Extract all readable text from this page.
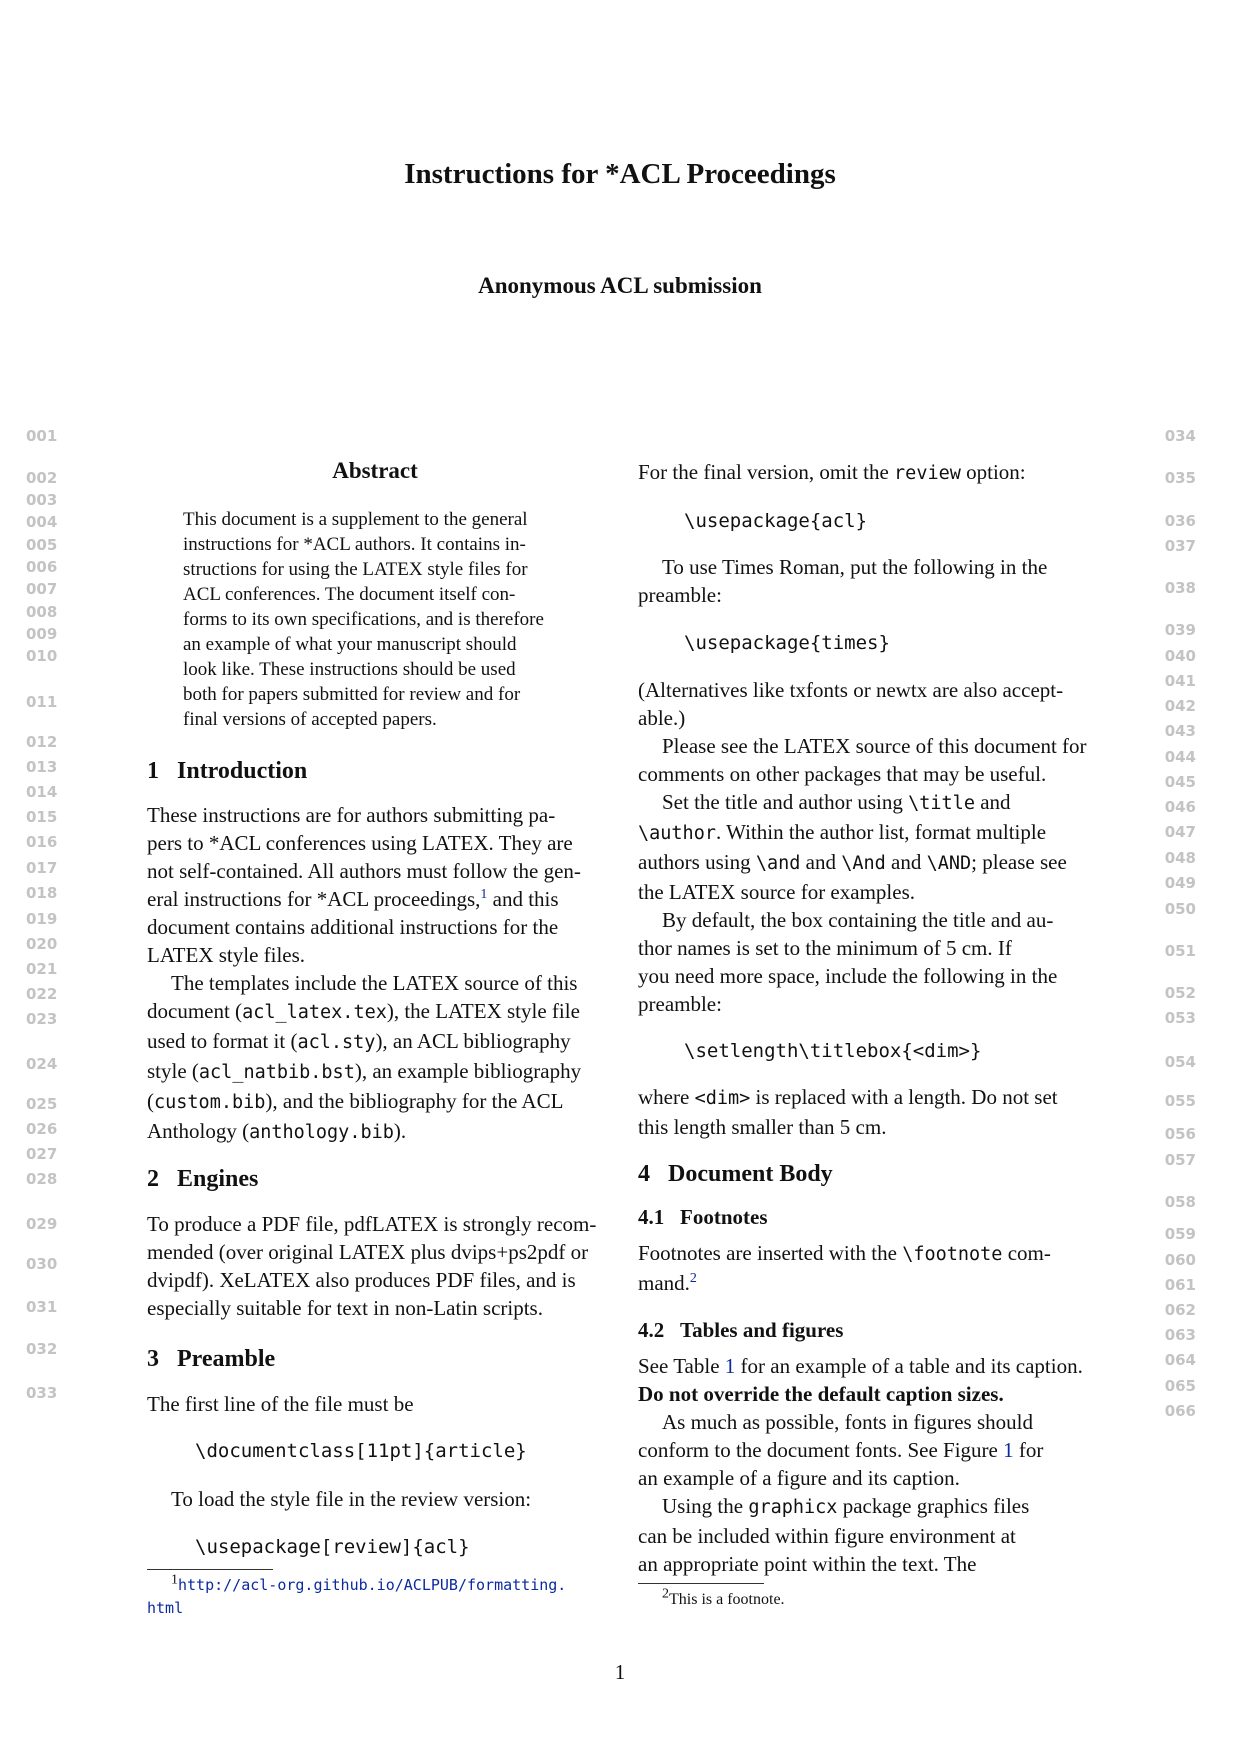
Instructions for *ACL Proceedings
Anonymous ACL submission
001
002
003
004
005
006
007
008
009
010
011
012
013
014
015
016
017
018
019
020
021
022
023
024
025
026
027
028
029
030
031
032
033
034
035
036
037
038
039
040
041
042
043
044
045
046
047
048
049
050
051
052
053
054
055
056
057
058
059
060
061
062
063
064
065
066
Abstract
This document is a supplement to the general
instructions for *ACL authors. It contains in-
structions for using the LATEX style files for
ACL conferences. The document itself con-
forms to its own specifications, and is therefore
an example of what your manuscript should
look like. These instructions should be used
both for papers submitted for review and for
final versions of accepted papers.
1 Introduction
These instructions are for authors submitting pa-
pers to *ACL conferences using LATEX. They are
not self-contained. All authors must follow the gen-
eral instructions for *ACL proceedings,$^1$ and this
document contains additional instructions for the
LATEX style files.
The templates include the LATEX source of this
document (acl_latex.tex), the LATEX style file
used to format it (acl.sty), an ACL bibliography
style (acl_natbib.bst), an example bibliography
(custom.bib), and the bibliography for the ACL
Anthology (anthology.bib).
2 Engines
To produce a PDF file, pdfLATEX is strongly recom-
mended (over original LATEX plus dvips+ps2pdf or
dvipdf). XeLATEX also produces PDF files, and is
especially suitable for text in non-Latin scripts.
3 Preamble
The first line of the file must be
\documentclass[11pt]{article}
To load the style file in the review version:
\usepackage[review]{acl}
$^1$http://acl-org.github.io/ACLPUB/formatting.
html
For the final version, omit the review option:
\usepackage{acl}
To use Times Roman, put the following in the
preamble:
\usepackage{times}
(Alternatives like txfonts or newtx are also accept-
able.)
Please see the LATEX source of this document for
comments on other packages that may be useful.
Set the title and author using \title and
\author. Within the author list, format multiple
authors using \and and \And and \AND; please see
the LATEX source for examples.
By default, the box containing the title and au-
thor names is set to the minimum of 5 cm. If
you need more space, include the following in the
preamble:
\setlength\titlebox{<dim>}
where <dim> is replaced with a length. Do not set
this length smaller than 5 cm.
4 Document Body
4.1 Footnotes
Footnotes are inserted with the \footnote com-
mand.$^2$
4.2 Tables and figures
See Table 1 for an example of a table and its caption.
Do not override the default caption sizes.
As much as possible, fonts in figures should
conform to the document fonts. See Figure 1 for
an example of a figure and its caption.
Using the graphicx package graphics files
can be included within figure environment at
an appropriate point within the text. The
$^2$This is a footnote.
1
